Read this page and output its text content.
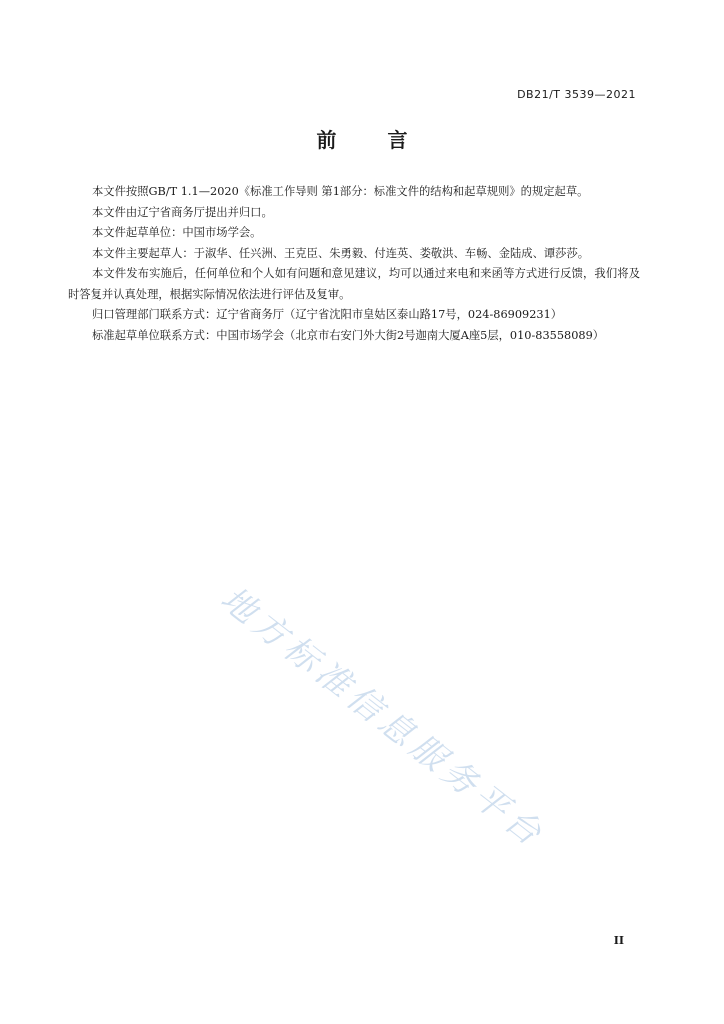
DB21/T 3539—2021
前	言

本文件按照GB/T 1.1—2020《标准工作导则 第1部分：标准文件的结构和起草规则》的规定起草。

本文件由辽宁省商务厅提出并归口。

本文件起草单位：中国市场学会。

本文件主要起草人：于淑华、任兴洲、王克臣、朱勇毅、付连英、娄敬洪、车畅、金陆成、谭莎莎。

本文件发布实施后，任何单位和个人如有问题和意见建议，均可以通过来电和来函等方式进行反馈，我们将及时答复并认真处理，根据实际情况依法进行评估及复审。

归口管理部门联系方式：辽宁省商务厅（辽宁省沈阳市皇姑区泰山路17号，024-86909231）

标准起草单位联系方式：中国市场学会（北京市右安门外大街2号迦南大厦A座5层，010-83558089）

地方标准信息服务平台
II
